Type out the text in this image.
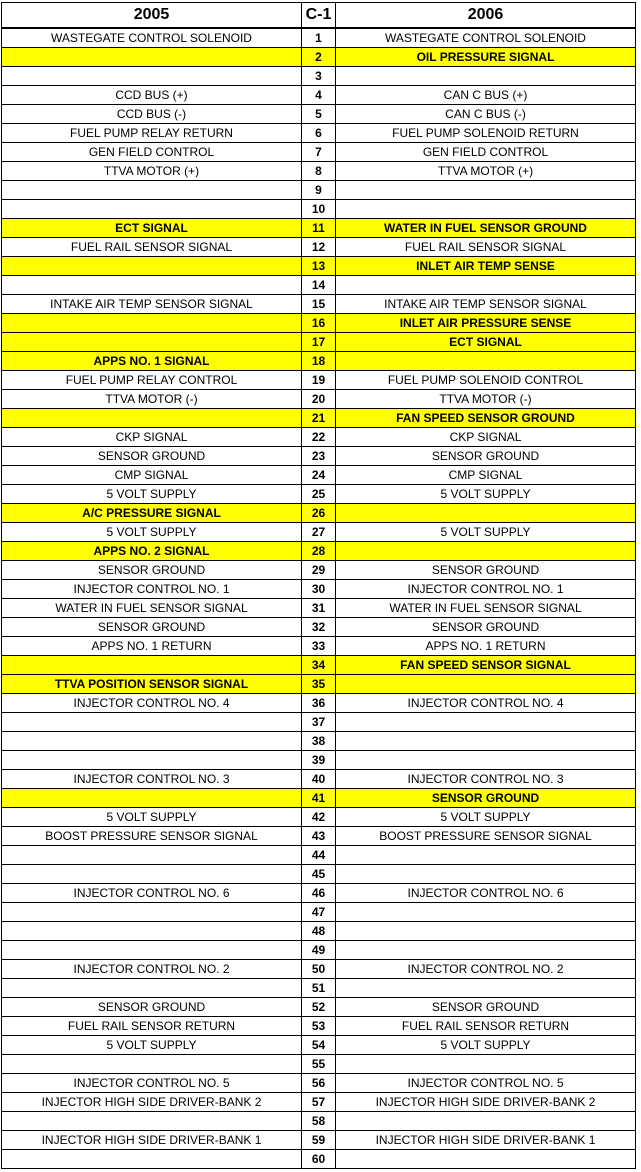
2005	C-1	2006
WASTEGATE CONTROL SOLENOID	1	WASTEGATE CONTROL SOLENOID
	2	OIL PRESSURE SIGNAL
	3	
CCD BUS (+)	4	CAN C BUS (+)
CCD BUS (-)	5	CAN C BUS (-)
FUEL PUMP RELAY RETURN	6	FUEL PUMP SOLENOID RETURN
GEN FIELD CONTROL	7	GEN FIELD CONTROL
TTVA MOTOR (+)	8	TTVA MOTOR (+)
	9	
	10	
ECT SIGNAL	11	WATER IN FUEL SENSOR GROUND
FUEL RAIL SENSOR SIGNAL	12	FUEL RAIL SENSOR SIGNAL
	13	INLET AIR TEMP SENSE
	14	
INTAKE AIR TEMP SENSOR SIGNAL	15	INTAKE AIR TEMP SENSOR SIGNAL
	16	INLET AIR PRESSURE SENSE
	17	ECT SIGNAL
APPS NO. 1 SIGNAL	18	
FUEL PUMP RELAY CONTROL	19	FUEL PUMP SOLENOID CONTROL
TTVA MOTOR (-)	20	TTVA MOTOR (-)
	21	FAN SPEED SENSOR GROUND
CKP SIGNAL	22	CKP SIGNAL
SENSOR GROUND	23	SENSOR GROUND
CMP SIGNAL	24	CMP SIGNAL
5 VOLT SUPPLY	25	5 VOLT SUPPLY
A/C PRESSURE SIGNAL	26	
5 VOLT SUPPLY	27	5 VOLT SUPPLY
APPS NO. 2 SIGNAL	28	
SENSOR GROUND	29	SENSOR GROUND
INJECTOR CONTROL NO. 1	30	INJECTOR CONTROL NO. 1
WATER IN FUEL SENSOR SIGNAL	31	WATER IN FUEL SENSOR SIGNAL
SENSOR GROUND	32	SENSOR GROUND
APPS NO. 1 RETURN	33	APPS NO. 1 RETURN
	34	FAN SPEED SENSOR SIGNAL
TTVA POSITION SENSOR SIGNAL	35	
INJECTOR CONTROL NO. 4	36	INJECTOR CONTROL NO. 4
	37	
	38	
	39	
INJECTOR CONTROL NO. 3	40	INJECTOR CONTROL NO. 3
	41	SENSOR GROUND
5 VOLT SUPPLY	42	5 VOLT SUPPLY
BOOST PRESSURE SENSOR SIGNAL	43	BOOST PRESSURE SENSOR SIGNAL
	44	
	45	
INJECTOR CONTROL NO. 6	46	INJECTOR CONTROL NO. 6
	47	
	48	
	49	
INJECTOR CONTROL NO. 2	50	INJECTOR CONTROL NO. 2
	51	
SENSOR GROUND	52	SENSOR GROUND
FUEL RAIL SENSOR RETURN	53	FUEL RAIL SENSOR RETURN
5 VOLT SUPPLY	54	5 VOLT SUPPLY
	55	
INJECTOR CONTROL NO. 5	56	INJECTOR CONTROL NO. 5
INJECTOR HIGH SIDE DRIVER-BANK 2	57	INJECTOR HIGH SIDE DRIVER-BANK 2
	58	
INJECTOR HIGH SIDE DRIVER-BANK 1	59	INJECTOR HIGH SIDE DRIVER-BANK 1
	60	
